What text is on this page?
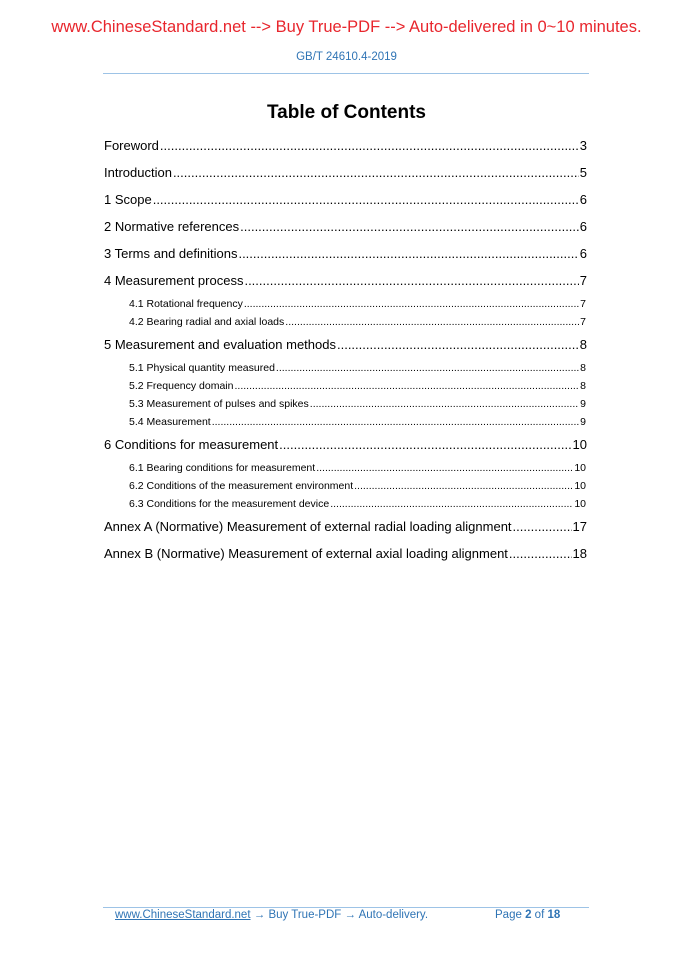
www.ChineseStandard.net --> Buy True-PDF --> Auto-delivered in 0~10 minutes.
GB/T 24610.4-2019
Table of Contents
Foreword .....	3
Introduction .....	5
1 Scope .....	6
2 Normative references .....	6
3 Terms and definitions .....	6
4 Measurement process .....	7
4.1 Rotational frequency .....	7
4.2 Bearing radial and axial loads .....	7
5 Measurement and evaluation methods .....	8
5.1 Physical quantity measured .....	8
5.2 Frequency domain .....	8
5.3 Measurement of pulses and spikes .....	9
5.4 Measurement .....	9
6 Conditions for measurement .....	10
6.1 Bearing conditions for measurement .....	10
6.2 Conditions of the measurement environment .....	10
6.3 Conditions for the measurement device .....	10
Annex A (Normative) Measurement of external radial loading alignment .....	17
Annex B (Normative) Measurement of external axial loading alignment .....	18
www.ChineseStandard.net → Buy True-PDF → Auto-delivery.	Page 2 of 18
